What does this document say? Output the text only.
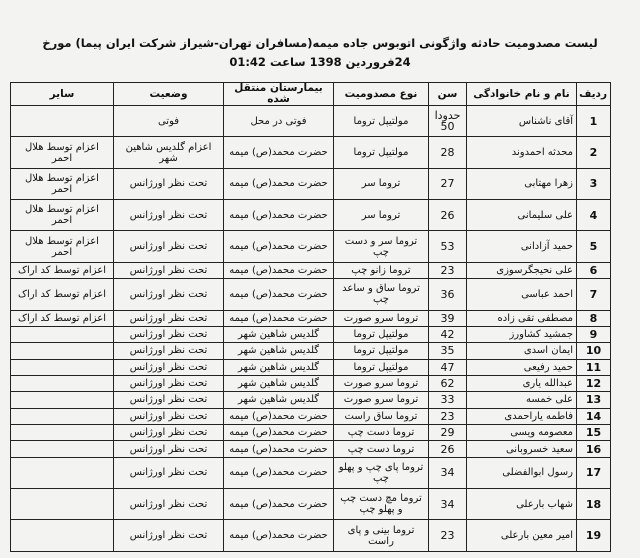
لیست مصدومیت حادثه واژگونی اتوبوس جاده میمه(مسافران تهران-شیراز شرکت ایران پیما) مورخ 24فروردین 1398 ساعت 01:42
ردیف	نام و نام خانوادگی	سن	نوع مصدومیت	بیمارستان منتقل شده	وضعیت	سایر
1	آقای ناشناس	حدودا 50	مولتیپل تروما	فوتی در محل	فوتی	
2	محدثه احمدوند	28	مولتیپل تروما	حضرت محمد(ص) میمه	اعزام گلدیس شاهین شهر	اعزام توسط هلال احمر
3	زهرا مهتابی	27	تروما سر	حضرت محمد(ص) میمه	تحت نظر اورژانس	اعزام توسط هلال احمر
4	علی سلیمانی	26	تروما سر	حضرت محمد(ص) میمه	تحت نظر اورژانس	اعزام توسط هلال احمر
5	حمید آزادانی	53	تروما سر و دست چپ	حضرت محمد(ص) میمه	تحت نظر اورژانس	اعزام توسط هلال احمر
6	علی نحیجگرسوزی	23	تروما زانو چپ	حضرت محمد(ص) میمه	تحت نظر اورژانس	اعزام توسط کد اراک
7	احمد عباسی	36	تروما ساق و ساعد چپ	حضرت محمد(ص) میمه	تحت نظر اورژانس	اعزام توسط کد اراک
8	مصطفی تقی زاده	39	تروما سرو صورت	حضرت محمد(ص) میمه	تحت نظر اورژانس	اعزام توسط کد اراک
9	جمشید کشاورز	42	مولتیپل تروما	گلدیس شاهین شهر	تحت نظر اورژانس	
10	ایمان اسدی	35	مولتیپل تروما	گلدیس شاهین شهر	تحت نظر اورژانس	
11	حمید رفیعی	47	مولتیپل تروما	گلدیس شاهین شهر	تحت نظر اورژانس	
12	عبدالله یاری	62	تروما سرو صورت	گلدیس شاهین شهر	تحت نظر اورژانس	
13	علی خمسه	33	تروما سرو صورت	گلدیس شاهین شهر	تحت نظر اورژانس	
14	فاطمه یاراحمدی	23	تروما ساق راست	حضرت محمد(ص) میمه	تحت نظر اورژانس	
15	معصومه ویسی	29	تروما دست چپ	حضرت محمد(ص) میمه	تحت نظر اورژانس	
16	سعید خسروبانی	26	تروما دست چپ	حضرت محمد(ص) میمه	تحت نظر اورژانس	
17	رسول ابوالفضلی	34	تروما پای چپ و پهلو چپ	حضرت محمد(ص) میمه	تحت نظر اورژانس	
18	شهاب بارعلی	34	تروما مچ دست چپ و پهلو چپ	حضرت محمد(ص) میمه	تحت نظر اورژانس	
19	امیر معین بارعلی	23	تروما بینی و پای راست	حضرت محمد(ص) میمه	تحت نظر اورژانس	
